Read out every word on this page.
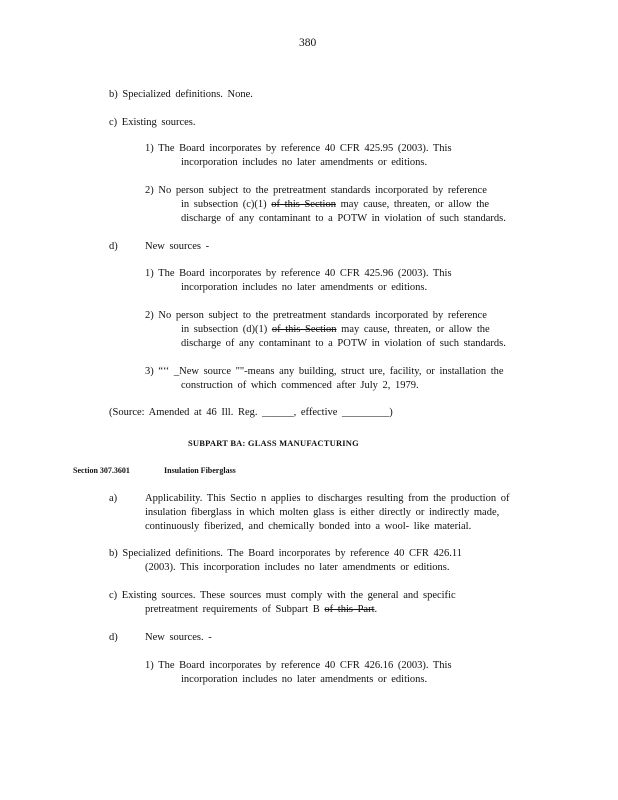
380
b) Specialized definitions. None.
c) Existing sources.
1) The Board incorporates by reference 40 CFR 425.95 (2003). This
incorporation includes no later amendments or editions.
2) No person subject to the pretreatment standards incorporated by reference
in subsection (c)(1) of this Section may cause, threaten, or allow the
discharge of any contaminant to a POTW in violation of such standards.
d)	New sources -
1) The Board incorporates by reference 40 CFR 425.96 (2003). This
incorporation includes no later amendments or editions.
2) No person subject to the pretreatment standards incorporated by reference
in subsection (d)(1) of this Section may cause, threaten, or allow the
discharge of any contaminant to a POTW in violation of such standards.
3) “‘‘ _New source ""-means any building, struct ure, facility, or installation the
construction of which commenced after July 2, 1979.
(Source: Amended at 46 Ill. Reg. ______, effective _________)
SUBPART BA: GLASS MANUFACTURING
Section 307.3601	Insulation Fiberglass
a)	Applicability. This Sectio n applies to discharges resulting from the production of
insulation fiberglass in which molten glass is either directly or indirectly made,
continuously fiberized, and chemically bonded into a wool- like material.
b) Specialized definitions. The Board incorporates by reference 40 CFR 426.11
(2003). This incorporation includes no later amendments or editions.
c) Existing sources. These sources must comply with the general and specific
pretreatment requirements of Subpart B of this Part.
d)	New sources. -
1) The Board incorporates by reference 40 CFR 426.16 (2003). This
incorporation includes no later amendments or editions.
